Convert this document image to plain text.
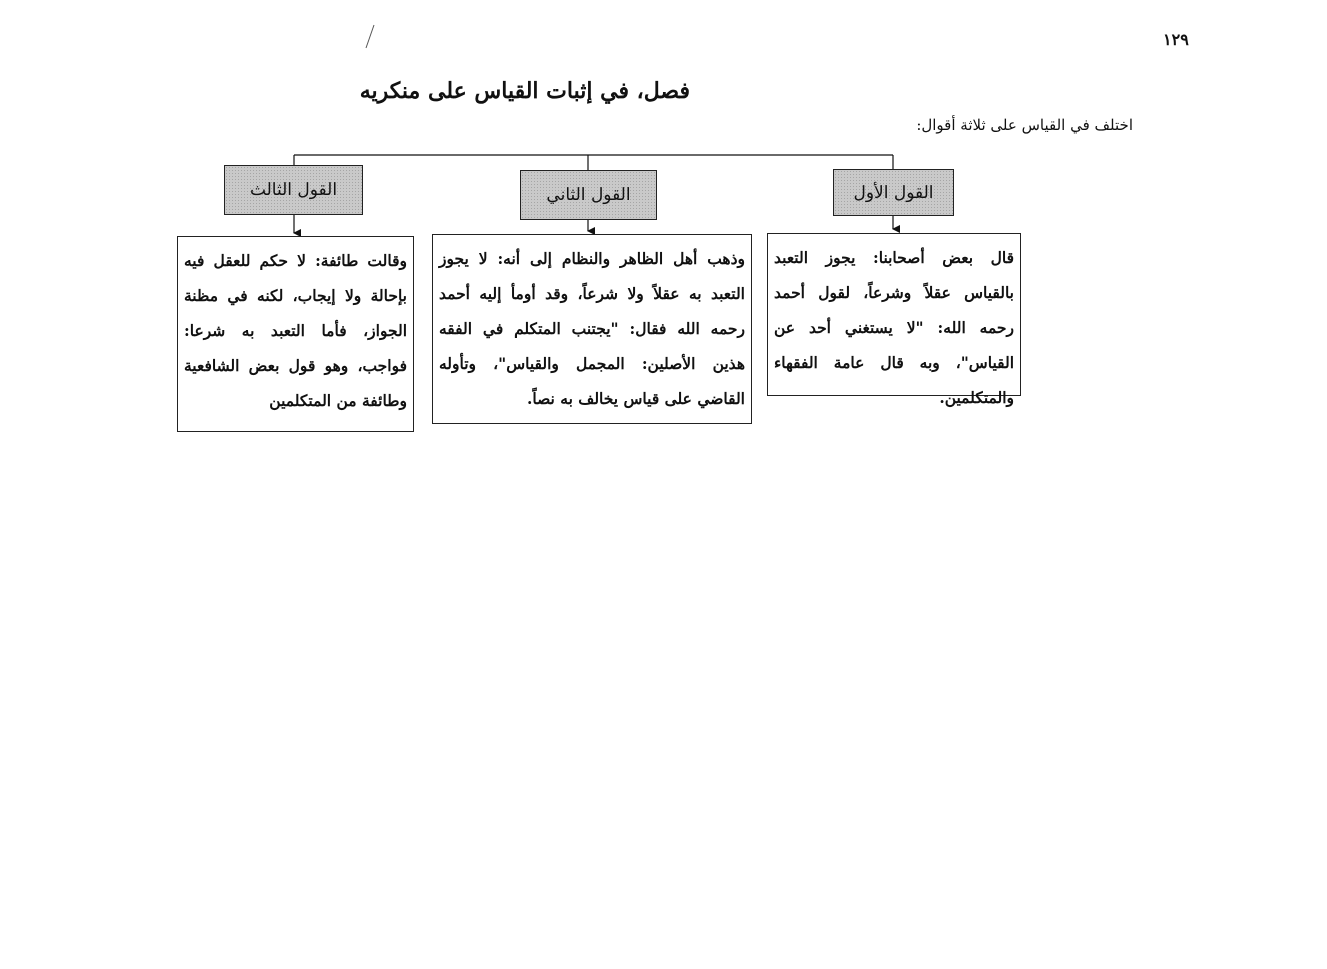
١٢٩
فصل، في إثبات القياس على منكريه
اختلف في القياس على ثلاثة أقوال:
القول الأول
قال بعض أصحابنا: يجوز التعبد بالقياس عقلاً وشرعاً، لقول أحمد رحمه الله: "لا يستغني أحد عن القياس"، وبه قال عامة الفقهاء والمتكلمين.
القول الثاني
وذهب أهل الظاهر والنظام إلى أنه: لا يجوز التعبد به عقلاً ولا شرعاً، وقد أومأ إليه أحمد رحمه الله فقال: "يجتنب المتكلم في الفقه هذين الأصلين: المجمل والقياس"، وتأوله القاضي على قياس يخالف به نصاً.
القول الثالث
وقالت طائفة: لا حكم للعقل فيه بإحالة ولا إيجاب، لكنه في مظنة الجواز، فأما التعبد به شرعا: فواجب، وهو قول بعض الشافعية وطائفة من المتكلمين
